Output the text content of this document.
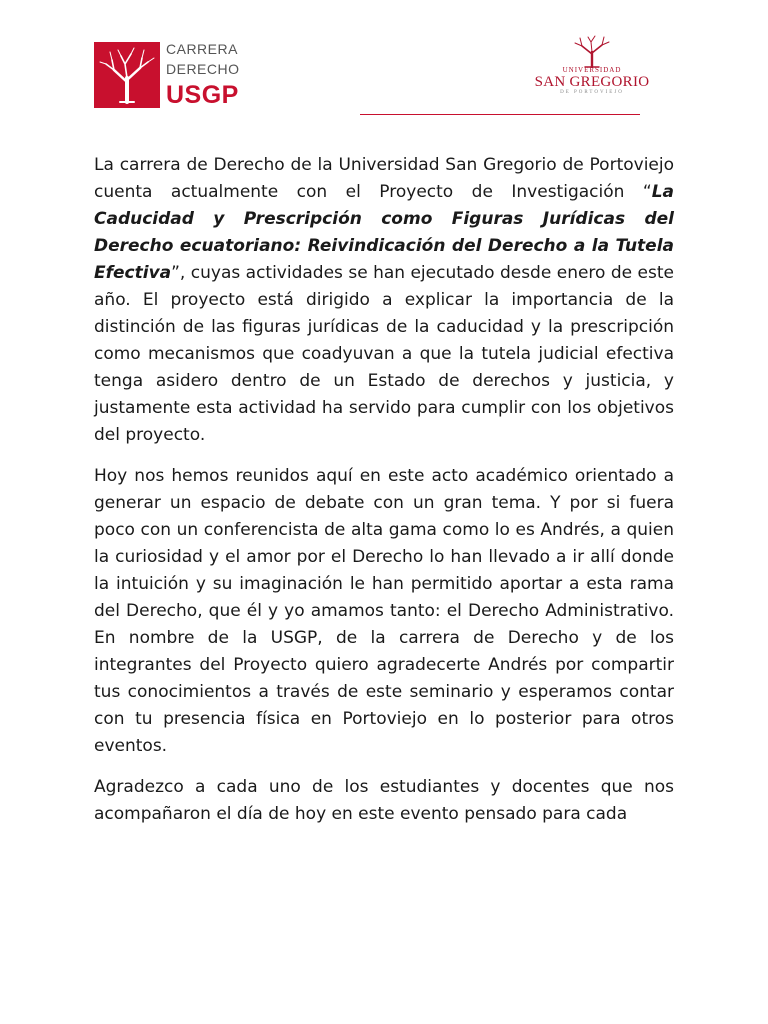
CARRERA
DERECHO
USGP
UNIVERSIDAD
SAN GREGORIO
DE PORTOVIEJO

La carrera de Derecho de la Universidad San Gregorio de Portoviejo cuenta actualmente con el Proyecto de Investigación “La Caducidad y Prescripción como Figuras Jurídicas del Derecho ecuatoriano: Reivindicación del Derecho a la Tutela Efectiva”, cuyas actividades se han ejecutado desde enero de este año. El proyecto está dirigido a explicar la importancia de la distinción de las figuras jurídicas de la caducidad y la prescripción como mecanismos que coadyuvan a que la tutela judicial efectiva tenga asidero dentro de un Estado de derechos y justicia, y justamente esta actividad ha servido para cumplir con los objetivos del proyecto.

Hoy nos hemos reunidos aquí en este acto académico orientado a generar un espacio de debate con un gran tema. Y por si fuera poco con un conferencista de alta gama como lo es Andrés, a quien la curiosidad y el amor por el Derecho lo han llevado a ir allí donde la intuición y su imaginación le han permitido aportar a esta rama del Derecho, que él y yo amamos tanto: el Derecho Administrativo. En nombre de la USGP, de la carrera de Derecho y de los integrantes del Proyecto quiero agradecerte Andrés por compartir tus conocimientos a través de este seminario y esperamos contar con tu presencia física en Portoviejo en lo posterior para otros eventos.

Agradezco a cada uno de los estudiantes y docentes que nos acompañaron el día de hoy en este evento pensado para cada
